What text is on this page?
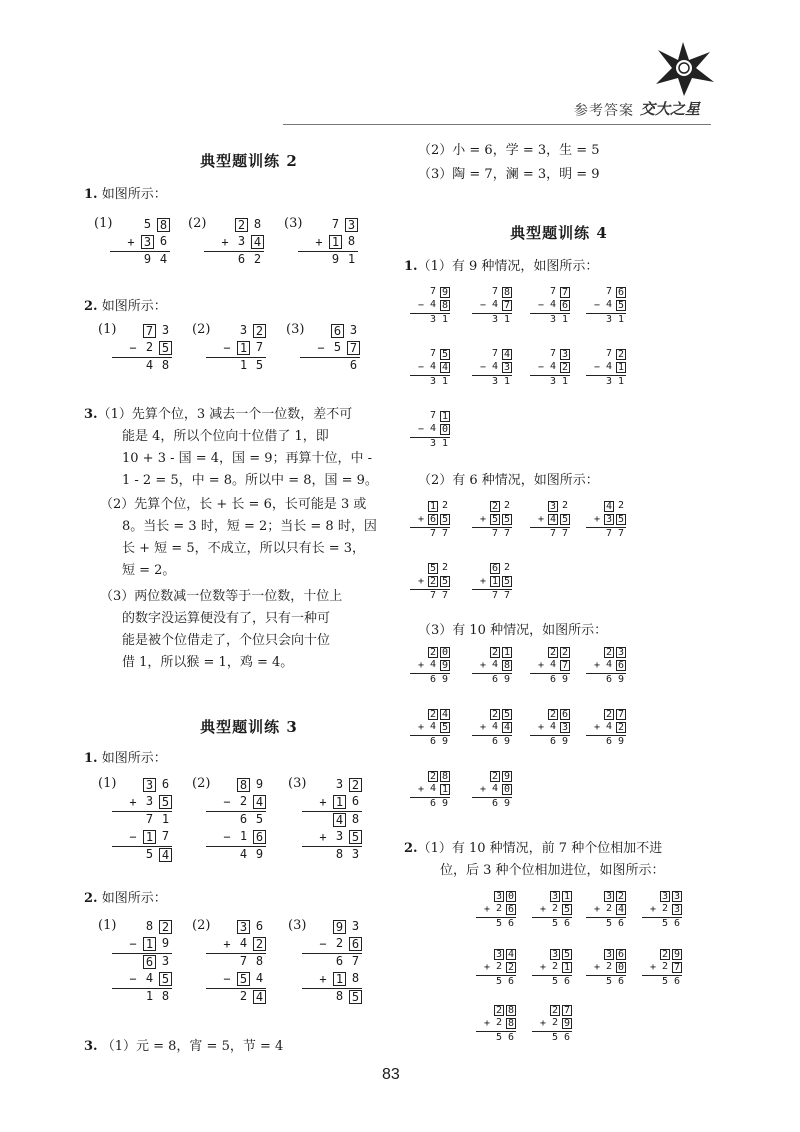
参考答案 交大之星
典型题训练 2
1. 如图所示：
(1)	5 8
+ 3 6
9 4
(2)	2 8
+ 3 4
6 2
(3) 7 3
+ 1 8
9 1
2. 如图所示：
(1) 7 3
− 2 5
4 8
(2) 3 2
− 1 7
1 5
(3) 6 3
− 5 7
6
3.（1）先算个位，3 减去一个一位数，差不可
能是 4，所以个位向十位借了 1，即
10 + 3 - 国 = 4，国 = 9；再算十位，中 -
1 - 2 = 5，中 = 8。所以中 = 8，国 = 9。
（2）先算个位，长 + 长 = 6，长可能是 3 或
8。当长 = 3 时，短 = 2；当长 = 8 时，因
长 + 短 = 5，不成立，所以只有长 = 3，
短 = 2。
（3）两位数减一位数等于一位数，十位上
的数字没运算便没有了，只有一种可
能是被个位借走了，个位只会向十位
借 1，所以猴 = 1，鸡 = 4。
典型题训练 3
1. 如图所示：
(1) 3 6
+ 3 5
7 1
− 1 7
5 4
(2) 8 9
− 2 4
6 5
− 1 6
4 9
(3) 3 2
+ 1 6
4 8
+ 3 5
8 3
2. 如图所示：
(1) 8 2
− 1 9
6 3
− 4 5
1 8
(2) 3 6
+ 4 2
7 8
− 5 4
2 4
(3) 9 3
− 2 6
6 7
+ 1 8
8 5
3. （1）元 = 8，宵 = 5，节 = 4
（2）小 = 6，学 = 3，生 = 5
（3）陶 = 7，澜 = 3，明 = 9
典型题训练 4
1.（1）有 9 种情况，如图所示：
7 9
− 4 8
3 1
7 8
− 4 7
3 1
7 7
− 4 6
3 1
7 6
− 4 5
3 1
7 5
− 4 4
3 1
7 4
− 4 3
3 1
7 3
− 4 2
3 1
7 2
− 4 1
3 1
7 1
− 4 0
3 1
（2）有 6 种情况，如图所示：
1 2
+ 6 5
7 7
2 2
+ 5 5
7 7
3 2
+ 4 5
7 7
4 2
+ 3 5
7 7
5 2
+ 2 5
7 7
6 2
+ 1 5
7 7
（3）有 10 种情况，如图所示：
2 0
+ 4 9
6 9
2 1
+ 4 8
6 9
2 2
+ 4 7
6 9
2 3
+ 4 6
6 9
2 4
+ 4 5
6 9
2 5
+ 4 4
6 9
2 6
+ 4 3
6 9
2 7
+ 4 2
6 9
2 8
+ 4 1
6 9
2 9
+ 4 0
6 9
2.（1）有 10 种情况，前 7 种个位相加不进
位，后 3 种个位相加进位，如图所示：
3 0
+ 2 6
5 6
3 1
+ 2 5
5 6
3 2
+ 2 4
5 6
3 3
+ 2 3
5 6
3 4
+ 2 2
5 6
3 5
+ 2 1
5 6
3 6
+ 2 0
5 6
2 9
+ 2 7
5 6
2 8
+ 2 8
5 6
2 7
+ 2 9
5 6
83
